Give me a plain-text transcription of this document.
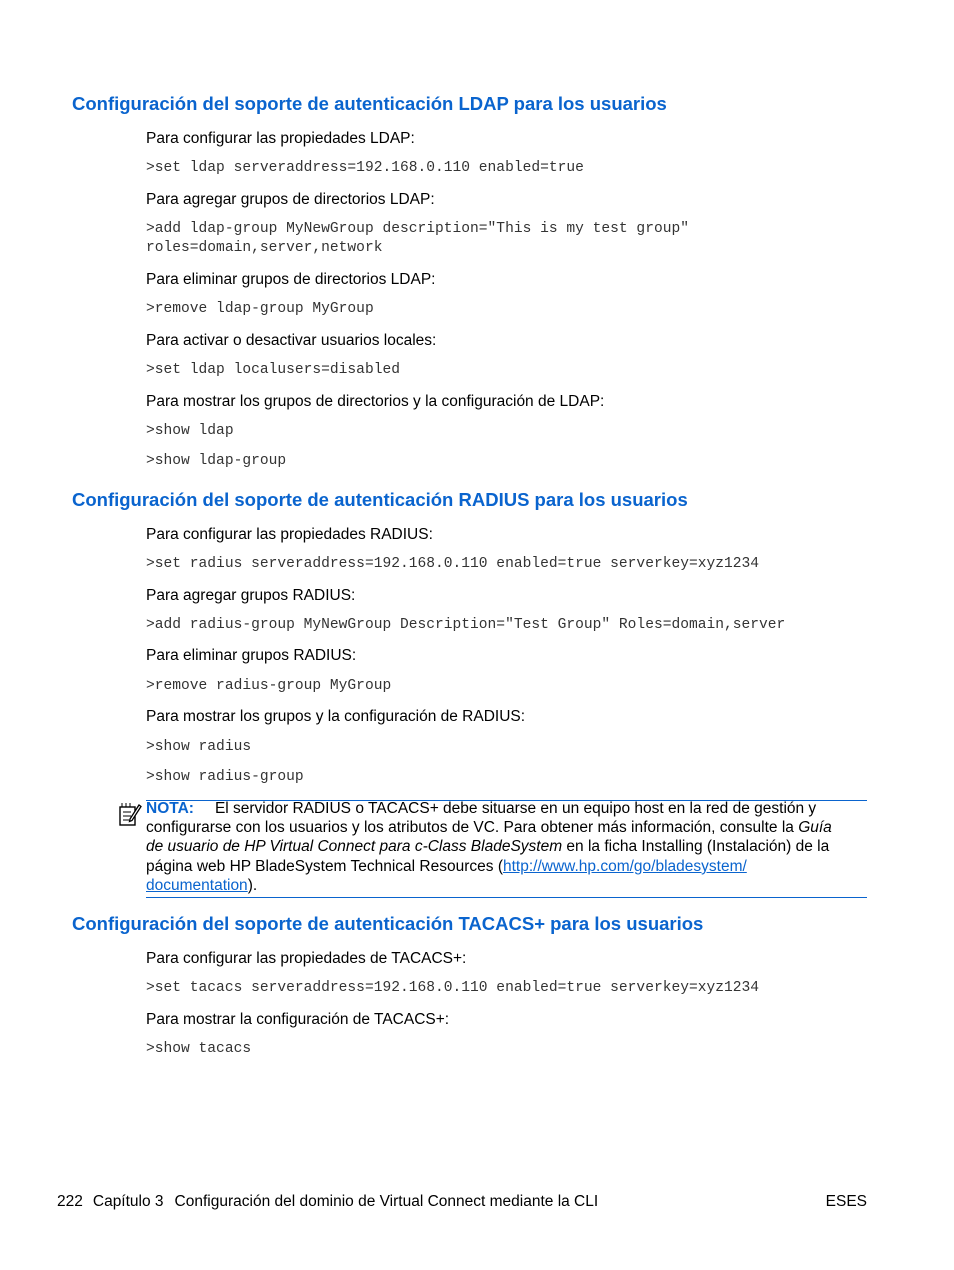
Configuración del soporte de autenticación LDAP para los usuarios
Para configurar las propiedades LDAP:
>set ldap serveraddress=192.168.0.110 enabled=true
Para agregar grupos de directorios LDAP:
>add ldap-group MyNewGroup description="This is my test group"
roles=domain,server,network
Para eliminar grupos de directorios LDAP:
>remove ldap-group MyGroup
Para activar o desactivar usuarios locales:
>set ldap localusers=disabled
Para mostrar los grupos de directorios y la configuración de LDAP:
>show ldap
>show ldap-group
Configuración del soporte de autenticación RADIUS para los usuarios
Para configurar las propiedades RADIUS:
>set radius serveraddress=192.168.0.110 enabled=true serverkey=xyz1234
Para agregar grupos RADIUS:
>add radius-group MyNewGroup Description="Test Group" Roles=domain,server
Para eliminar grupos RADIUS:
>remove radius-group MyGroup
Para mostrar los grupos y la configuración de RADIUS:
>show radius
>show radius-group
NOTA: El servidor RADIUS o TACACS+ debe situarse en un equipo host en la red de gestión y
configurarse con los usuarios y los atributos de VC. Para obtener más información, consulte la Guía
de usuario de HP Virtual Connect para c-Class BladeSystem en la ficha Installing (Instalación) de la
página web HP BladeSystem Technical Resources (http://www.hp.com/go/bladesystem/
documentation).
Configuración del soporte de autenticación TACACS+ para los usuarios
Para configurar las propiedades de TACACS+:
>set tacacs serveraddress=192.168.0.110 enabled=true serverkey=xyz1234
Para mostrar la configuración de TACACS+:
>show tacacs
222 Capítulo 3 Configuración del dominio de Virtual Connect mediante la CLI	ESES
